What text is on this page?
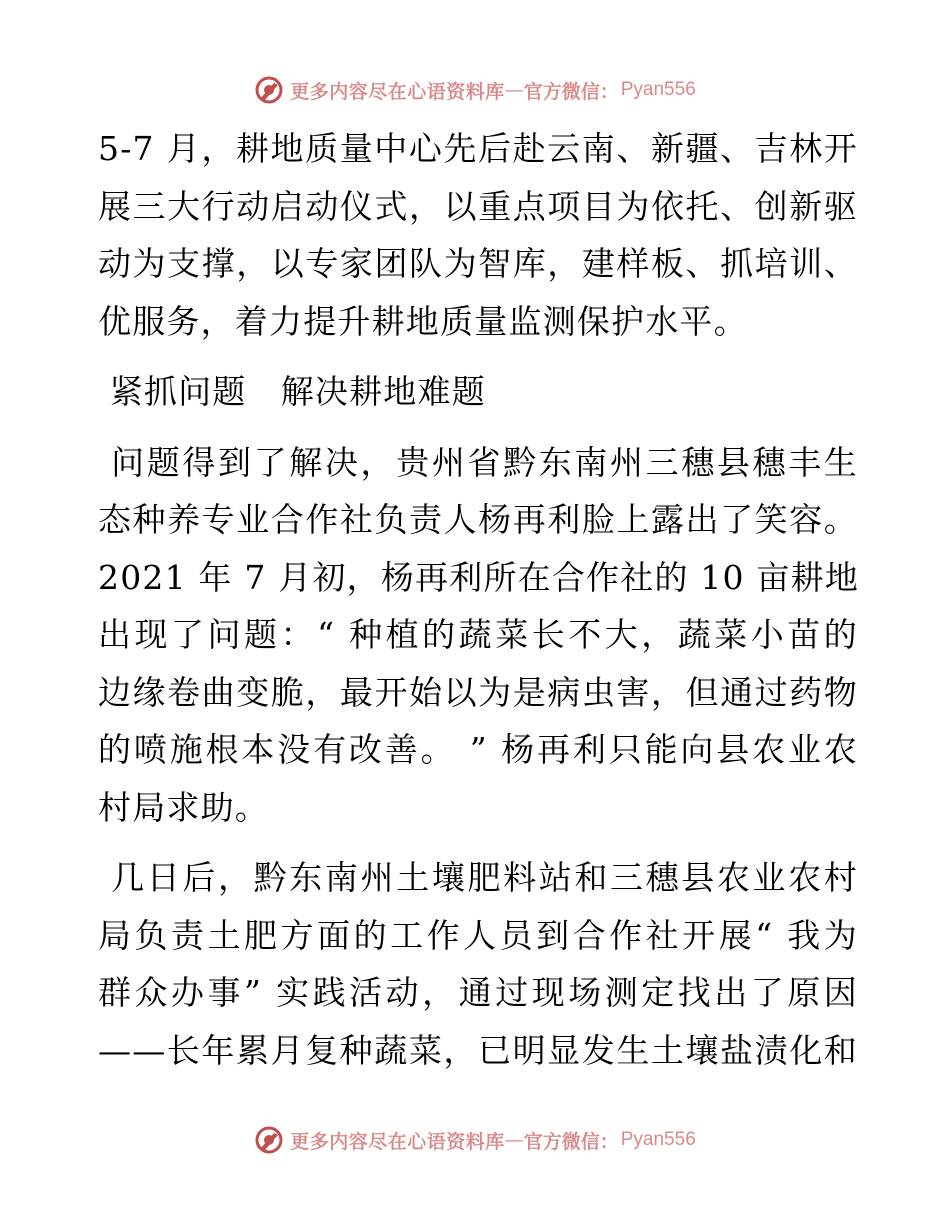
更多内容尽在心语资料库 — 官方微信： Pyan556
5-7 月，耕地质量中心先后赴云南、新疆、吉林开
展三大行动启动仪式，以重点项目为依托、创新驱
动为支撑，以专家团队为智库，建样板、抓培训、
优服务，着力提升耕地质量监测保护水平。
紧抓问题　解决耕地难题
问题得到了解决，贵州省黔东南州三穗县穗丰生
态种养专业合作社负责人杨再利脸上露出了笑容。
2021 年 7 月初，杨再利所在合作社的 10 亩耕地
出现了问题：“ 种植的蔬菜长不大，蔬菜小苗的
边缘卷曲变脆，最开始以为是病虫害，但通过药物
的喷施根本没有改善。 ” 杨再利只能向县农业农
村局求助。
几日后，黔东南州土壤肥料站和三穗县农业农村
局负责土肥方面的工作人员到合作社开展“ 我为
群众办事” 实践活动，通过现场测定找出了原因
——长年累月复种蔬菜，已明显发生土壤盐渍化和
更多内容尽在心语资料库 — 官方微信： Pyan556
